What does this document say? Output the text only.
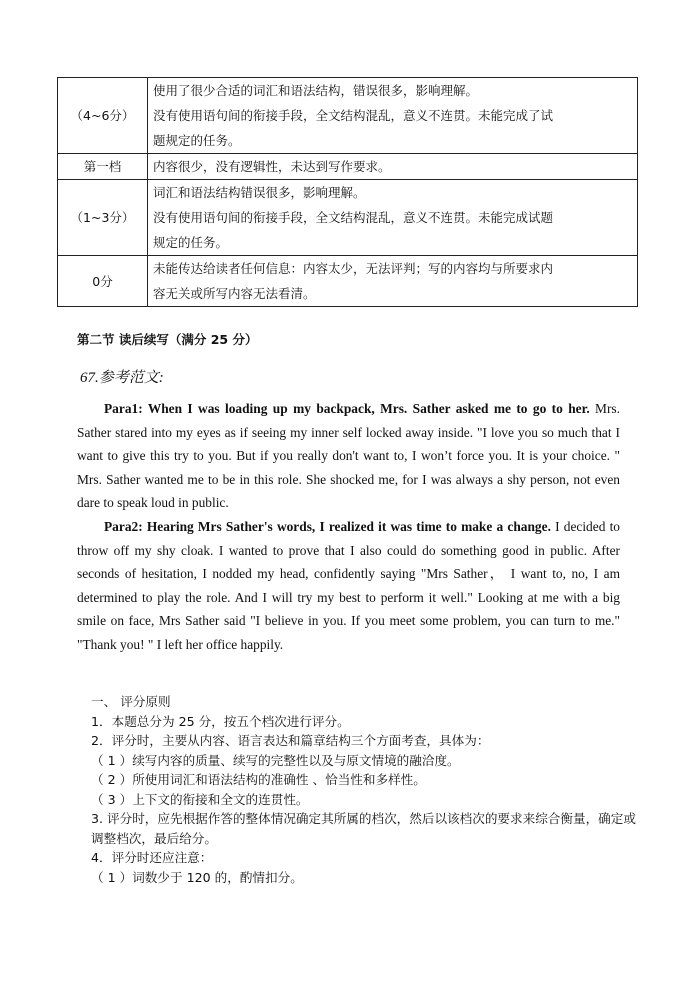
（4~6分）	使用了很少合适的词汇和语法结构，错误很多，影响理解。
没有使用语句间的衔接手段，全文结构混乱，意义不连贯。未能完成了试
题规定的任务。

第一档	内容很少，没有逻辑性，未达到写作要求。

（1~3分）	词汇和语法结构错误很多，影响理解。
没有使用语句间的衔接手段，全文结构混乱，意义不连贯。未能完成试题
规定的任务。

0分	未能传达给读者任何信息：内容太少，无法评判；写的内容均与所要求内
容无关或所写内容无法看清。
第二节 读后续写（满分 25 分）
67.参考范文:

Para1: When I was loading up my backpack, Mrs. Sather asked me to go to her. Mrs. Sather stared into my eyes as if seeing my inner self locked away inside. "I love you so much that I want to give this try to you. But if you really don't want to, I won’t force you. It is your choice. " Mrs. Sather wanted me to be in this role. She shocked me, for I was always a shy person, not even dare to speak loud in public.

Para2: Hearing Mrs Sather's words, I realized it was time to make a change. I decided to throw off my shy cloak. I wanted to prove that I also could do something good in public. After seconds of hesitation, I nodded my head, confidently saying "Mrs Sather， I want to, no, I am determined to play the role. And I will try my best to perform it well." Looking at me with a big smile on face, Mrs Sather said "I believe in you. If you meet some problem, you can turn to me." "Thank you! " I left her office happily.

一、 评分原则
1．本题总分为 25 分，按五个档次进行评分。
2．评分时，主要从内容、语言表达和篇章结构三个方面考查，具体为：
（ 1 ）续写内容的质量、续写的完整性以及与原文情境的融洽度。
（ 2 ）所使用词汇和语法结构的准确性 、恰当性和多样性。
（ 3 ）上下文的衔接和全文的连贯性。
3. 评分时，应先根据作答的整体情况确定其所属的档次，然后以该档次的要求来综合衡量，确定或调整档次，最后给分。
4．评分时还应注意：
（ 1 ）词数少于 120 的，酌情扣分。
